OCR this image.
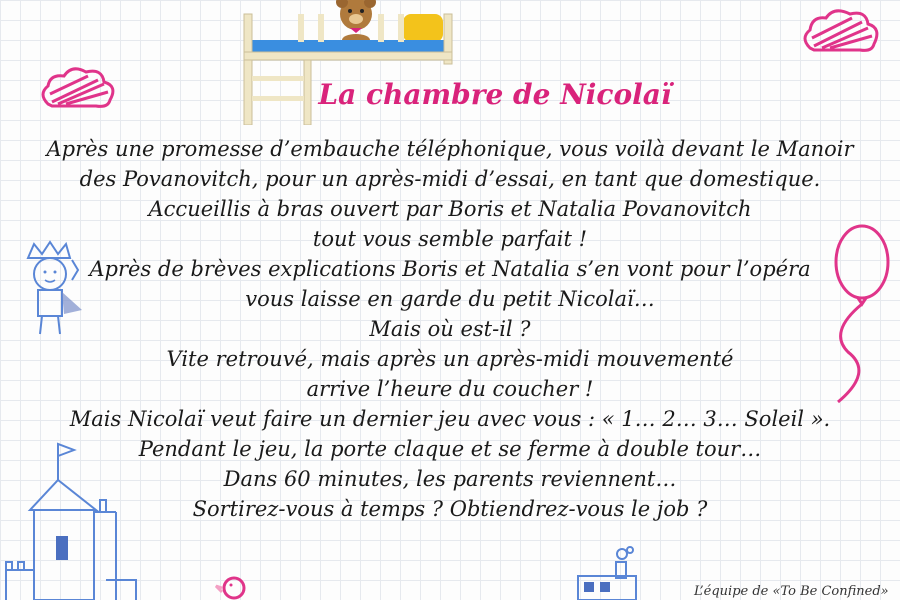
La chambre de Nicolaï
Après une promesse d’embauche téléphonique, vous voilà devant le Manoir
des Povanovitch, pour un après-midi d’essai, en tant que domestique.
Accueillis à bras ouvert par Boris et Natalia Povanovitch
tout vous semble parfait !
Après de brèves explications Boris et Natalia s’en vont pour l’opéra
vous laisse en garde du petit Nicolaï…
Mais où est-il ?
Vite retrouvé, mais après un après-midi mouvementé
arrive l’heure du coucher !
Mais Nicolaï veut faire un dernier jeu avec vous : « 1… 2… 3… Soleil ».
Pendant le jeu, la porte claque et se ferme à double tour…
Dans 60 minutes, les parents reviennent…
Sortirez-vous à temps ? Obtiendrez-vous le job ?
L’équipe de «To Be Confined»
